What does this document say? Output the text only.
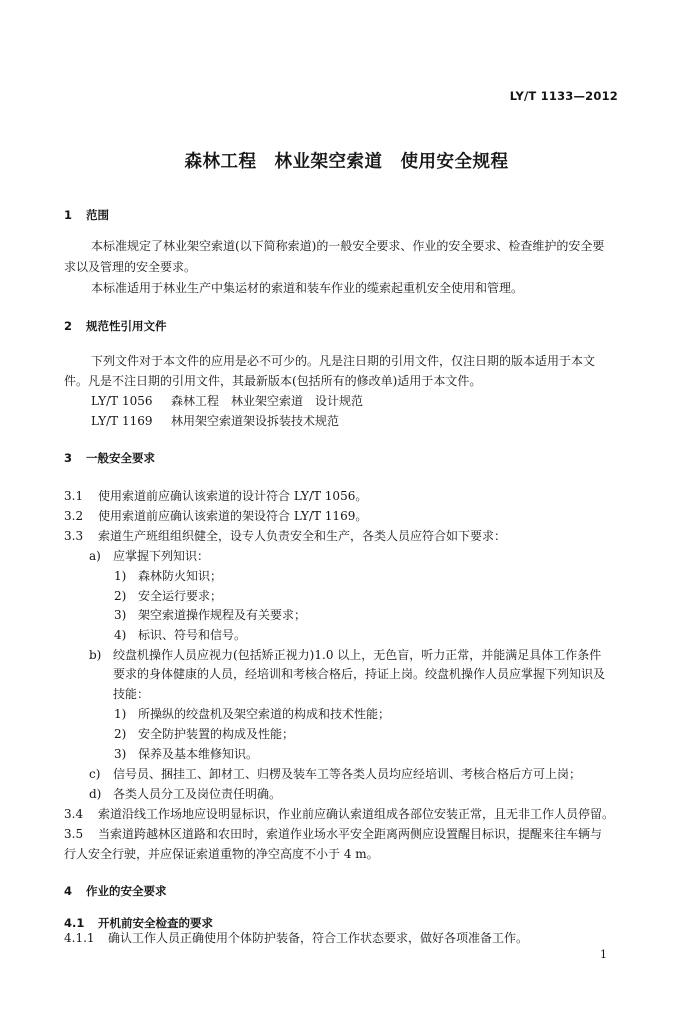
LY/T 1133—2012
森林工程　林业架空索道　使用安全规程
1 范围
本标准规定了林业架空索道(以下简称索道)的一般安全要求、作业的安全要求、检查维护的安全要
求以及管理的安全要求。
本标准适用于林业生产中集运材的索道和装车作业的缆索起重机安全使用和管理。
2 规范性引用文件
下列文件对于本文件的应用是必不可少的。凡是注日期的引用文件，仅注日期的版本适用于本文
件。凡是不注日期的引用文件，其最新版本(包括所有的修改单)适用于本文件。
LY/T 1056 森林工程　林业架空索道　设计规范
LY/T 1169 林用架空索道架设拆装技术规范
3 一般安全要求
3.1 使用索道前应确认该索道的设计符合 LY/T 1056。
3.2 使用索道前应确认该索道的架设符合 LY/T 1169。
3.3 索道生产班组组织健全，设专人负责安全和生产，各类人员应符合如下要求：
a) 应掌握下列知识：
1) 森林防火知识；
2) 安全运行要求；
3) 架空索道操作规程及有关要求；
4) 标识、符号和信号。
b) 绞盘机操作人员应视力(包括矫正视力)1.0 以上，无色盲，听力正常，并能满足具体工作条件
要求的身体健康的人员，经培训和考核合格后，持证上岗。绞盘机操作人员应掌握下列知识及
技能：
1) 所操纵的绞盘机及架空索道的构成和技术性能；
2) 安全防护装置的构成及性能；
3) 保养及基本维修知识。
c) 信号员、捆挂工、卸材工、归楞及装车工等各类人员均应经培训、考核合格后方可上岗；
d) 各类人员分工及岗位责任明确。
3.4 索道沿线工作场地应设明显标识，作业前应确认索道组成各部位安装正常，且无非工作人员停留。
3.5 当索道跨越林区道路和农田时，索道作业场水平安全距离两侧应设置醒目标识，提醒来往车辆与
行人安全行驶，并应保证索道重物的净空高度不小于 4 m。
4 作业的安全要求
4.1 开机前安全检查的要求
4.1.1 确认工作人员正确使用个体防护装备，符合工作状态要求，做好各项准备工作。
1
